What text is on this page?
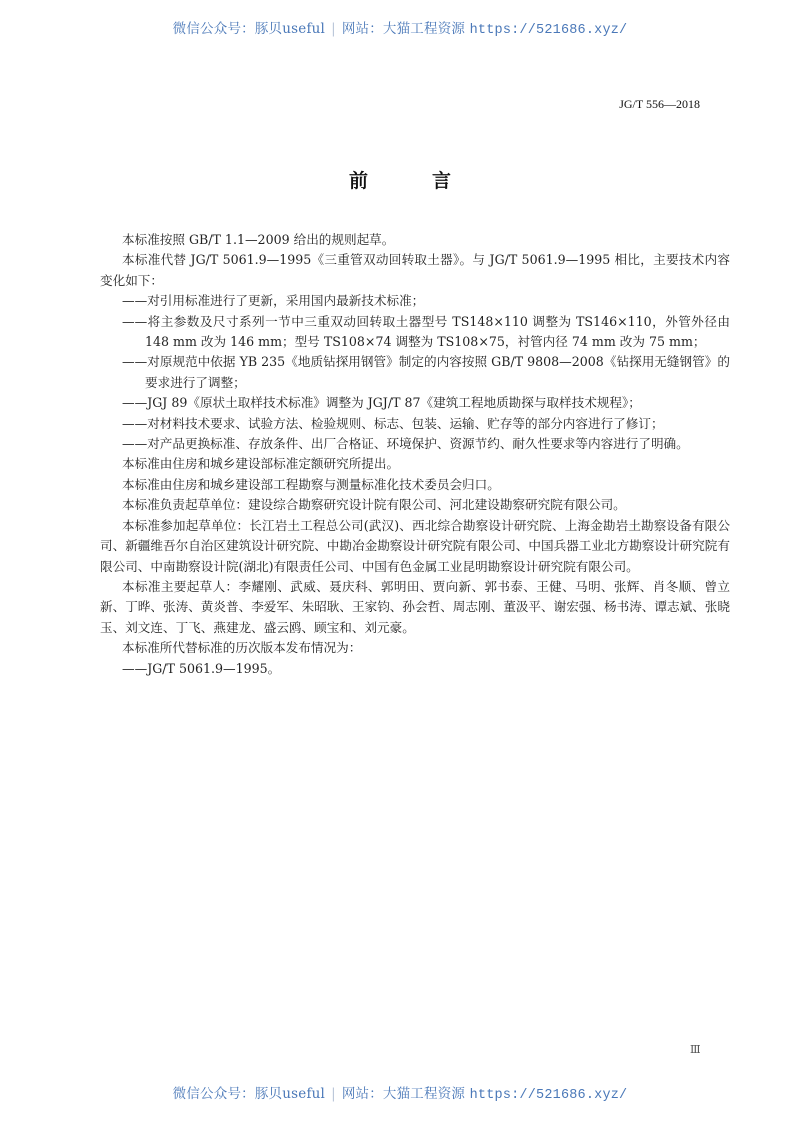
微信公众号：豚贝useful | 网站：大猫工程资源 https://521686.xyz/
JG/T 556—2018
前	言

本标准按照 GB/T 1.1—2009 给出的规则起草。

本标准代替 JG/T 5061.9—1995《三重管双动回转取土器》。与 JG/T 5061.9—1995 相比，主要技术内容变化如下：

——对引用标准进行了更新，采用国内最新技术标准；

——将主参数及尺寸系列一节中三重双动回转取土器型号 TS148×110 调整为 TS146×110，外管外径由 148 mm 改为 146 mm；型号 TS108×74 调整为 TS108×75，衬管内径 74 mm 改为 75 mm；

——对原规范中依据 YB 235《地质钻探用钢管》制定的内容按照 GB/T 9808—2008《钻探用无缝钢管》的要求进行了调整；

——JGJ 89《原状土取样技术标准》调整为 JGJ/T 87《建筑工程地质勘探与取样技术规程》；

——对材料技术要求、试验方法、检验规则、标志、包装、运输、贮存等的部分内容进行了修订；

——对产品更换标准、存放条件、出厂合格证、环境保护、资源节约、耐久性要求等内容进行了明确。

本标准由住房和城乡建设部标准定额研究所提出。

本标准由住房和城乡建设部工程勘察与测量标准化技术委员会归口。

本标准负责起草单位：建设综合勘察研究设计院有限公司、河北建设勘察研究院有限公司。

本标准参加起草单位：长江岩土工程总公司(武汉)、西北综合勘察设计研究院、上海金勘岩土勘察设备有限公司、新疆维吾尔自治区建筑设计研究院、中勘冶金勘察设计研究院有限公司、中国兵器工业北方勘察设计研究院有限公司、中南勘察设计院(湖北)有限责任公司、中国有色金属工业昆明勘察设计研究院有限公司。

本标准主要起草人：李耀刚、武威、聂庆科、郭明田、贾向新、郭书泰、王健、马明、张辉、肖冬顺、曾立新、丁晔、张涛、黄炎普、李爱军、朱昭耿、王家钧、孙会哲、周志刚、董汲平、谢宏强、杨书涛、谭志斌、张晓玉、刘文连、丁飞、燕建龙、盛云鸥、顾宝和、刘元豪。

本标准所代替标准的历次版本发布情况为：

——JG/T 5061.9—1995。

Ⅲ
微信公众号：豚贝useful | 网站：大猫工程资源 https://521686.xyz/
